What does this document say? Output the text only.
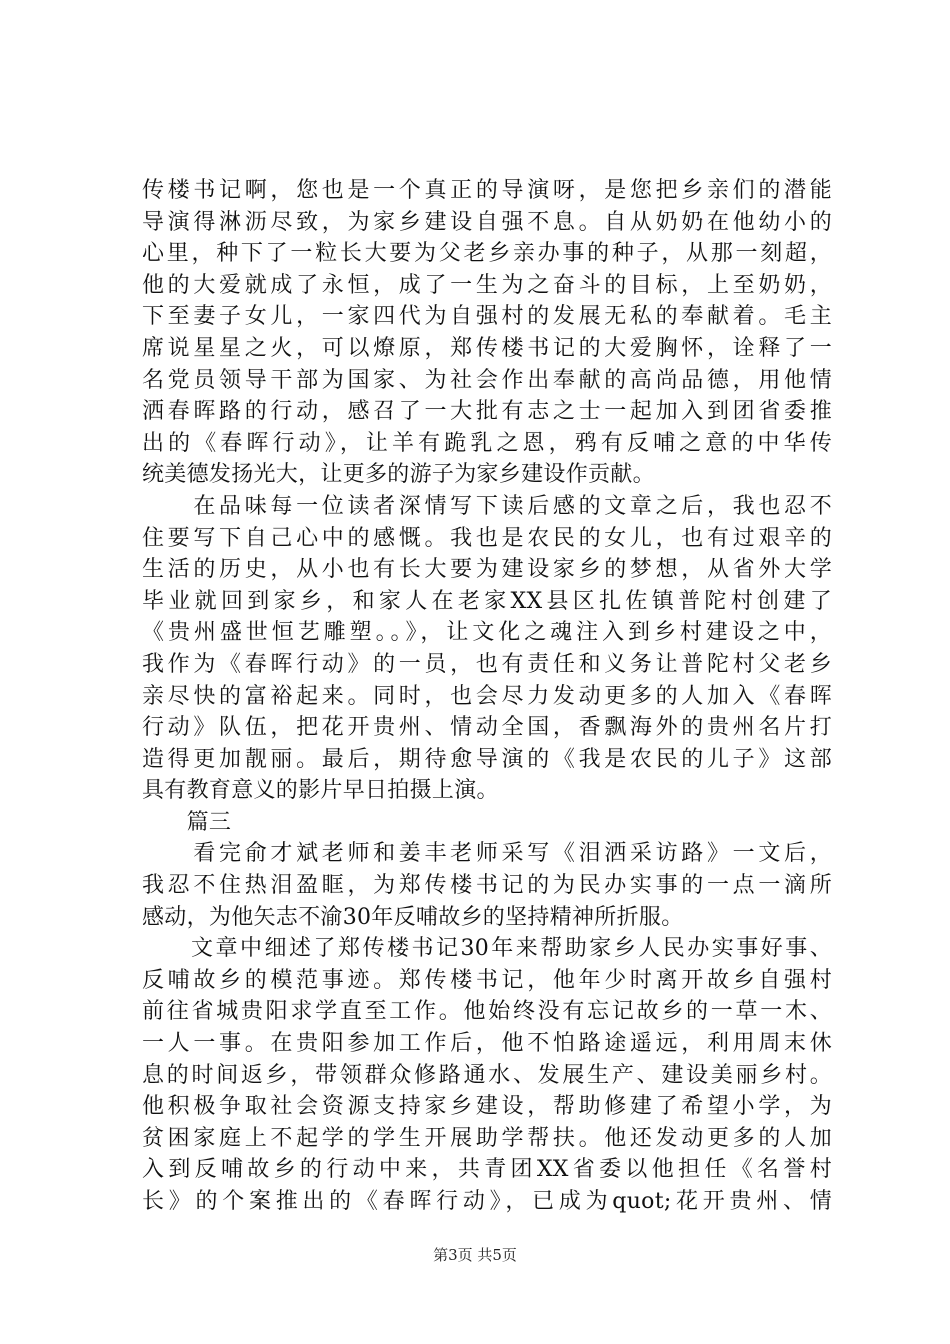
传楼书记啊，您也是一个真正的导演呀，是您把乡亲们的潜能
导演得淋沥尽致，为家乡建设自强不息。自从奶奶在他幼小的
心里，种下了一粒长大要为父老乡亲办事的种子，从那一刻超，
他的大爱就成了永恒，成了一生为之奋斗的目标，上至奶奶，
下至妻子女儿，一家四代为自强村的发展无私的奉献着。毛主
席说星星之火，可以燎原，郑传楼书记的大爱胸怀，诠释了一
名党员领导干部为国家、为社会作出奉献的高尚品德，用他情
洒春晖路的行动，感召了一大批有志之士一起加入到团省委推
出的《春晖行动》，让羊有跪乳之恩，鸦有反哺之意的中华传
统美德发扬光大，让更多的游子为家乡建设作贡献。
　　在品味每一位读者深情写下读后感的文章之后，我也忍不
住要写下自己心中的感慨。我也是农民的女儿，也有过艰辛的
生活的历史，从小也有长大要为建设家乡的梦想，从省外大学
毕业就回到家乡，和家人在老家XX县区扎佐镇普陀村创建了
《贵州盛世恒艺雕塑。。》，让文化之魂注入到乡村建设之中，
我作为《春晖行动》的一员，也有责任和义务让普陀村父老乡
亲尽快的富裕起来。同时，也会尽力发动更多的人加入《春晖
行动》队伍，把花开贵州、情动全国，香飘海外的贵州名片打
造得更加靓丽。最后，期待愈导演的《我是农民的儿子》这部
具有教育意义的影片早日拍摄上演。
　　篇三
　　看完俞才斌老师和姜丰老师采写《泪洒采访路》一文后，
我忍不住热泪盈眶，为郑传楼书记的为民办实事的一点一滴所
感动，为他矢志不渝30年反哺故乡的坚持精神所折服。
　　文章中细述了郑传楼书记30年来帮助家乡人民办实事好事、
反哺故乡的模范事迹。郑传楼书记，他年少时离开故乡自强村
前往省城贵阳求学直至工作。他始终没有忘记故乡的一草一木、
一人一事。在贵阳参加工作后，他不怕路途遥远，利用周末休
息的时间返乡，带领群众修路通水、发展生产、建设美丽乡村。
他积极争取社会资源支持家乡建设，帮助修建了希望小学，为
贫困家庭上不起学的学生开展助学帮扶。他还发动更多的人加
入到反哺故乡的行动中来，共青团XX省委以他担任《名誉村
长》的个案推出的《春晖行动》，已成为quot;花开贵州、情
第3页 共5页
